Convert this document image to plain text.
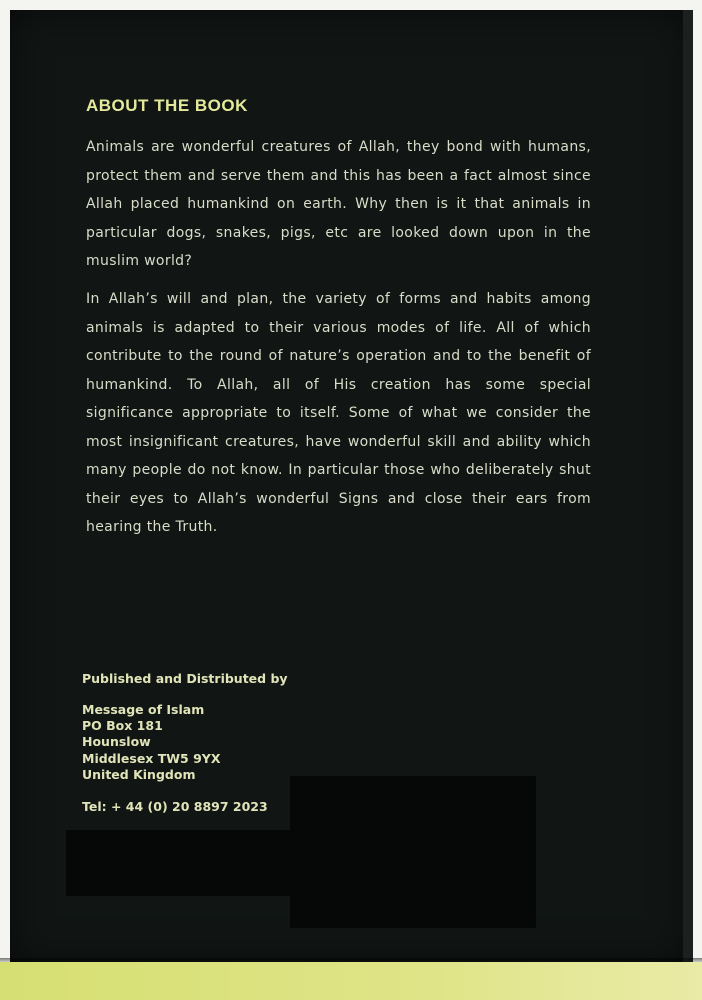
ABOUT THE BOOK

Animals are wonderful creatures of Allah, they bond with humans, protect them and serve them and this has been a fact almost since Allah placed humankind on earth. Why then is it that animals in particular dogs, snakes, pigs, etc are looked down upon in the muslim world?

In Allah’s will and plan, the variety of forms and habits among animals is adapted to their various modes of life. All of which contribute to the round of nature’s operation and to the benefit of humankind. To Allah, all of His creation has some special significance appropriate to itself. Some of what we consider the most insignificant creatures, have wonderful skill and ability which many people do not know. In particular those who deliberately shut their eyes to Allah’s wonderful Signs and close their ears from hearing the Truth.

Published and Distributed by

Message of Islam

PO Box 181

Hounslow

Middlesex TW5 9YX

United Kingdom

Tel: + 44 (0) 20 8897 2023
